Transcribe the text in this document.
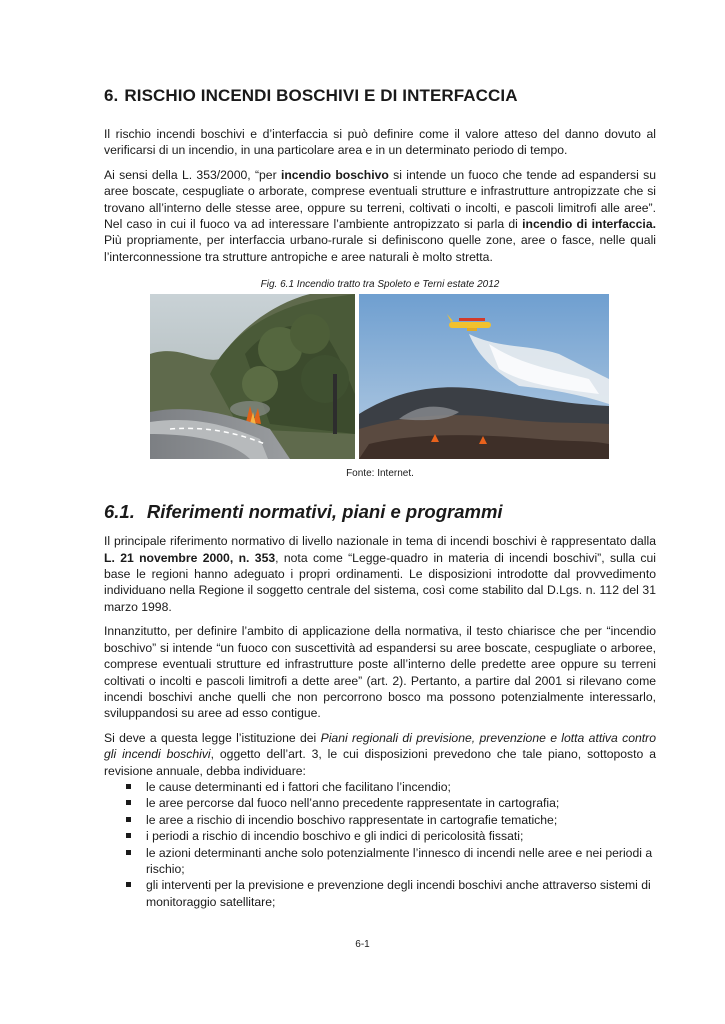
6. RISCHIO INCENDI BOSCHIVI E DI INTERFACCIA

Il rischio incendi boschivi e d’interfaccia si può definire come il valore atteso del danno dovuto al verificarsi di un incendio, in una particolare area e in un determinato periodo di tempo.

Ai sensi della L. 353/2000, “per incendio boschivo si intende un fuoco che tende ad espandersi su aree boscate, cespugliate o arborate, comprese eventuali strutture e infrastrutture antropizzate che si trovano all’interno delle stesse aree, oppure su terreni, coltivati o incolti, e pascoli limitrofi alle aree”. Nel caso in cui il fuoco va ad interessare l’ambiente antropizzato si parla di incendio di interfaccia. Più propriamente, per interfaccia urbano-rurale si definiscono quelle zone, aree o fasce, nelle quali l’interconnessione tra strutture antropiche e aree naturali è molto stretta.

Fig. 6.1 Incendio tratto tra Spoleto e Terni estate 2012
Fonte: Internet.
6.1. Riferimenti normativi, piani e programmi

Il principale riferimento normativo di livello nazionale in tema di incendi boschivi è rappresentato dalla L. 21 novembre 2000, n. 353, nota come “Legge-quadro in materia di incendi boschivi”, sulla cui base le regioni hanno adeguato i propri ordinamenti. Le disposizioni introdotte dal provvedimento individuano nella Regione il soggetto centrale del sistema, così come stabilito dal D.Lgs. n. 112 del 31 marzo 1998.

Innanzitutto, per definire l’ambito di applicazione della normativa, il testo chiarisce che per “incendio boschivo” si intende “un fuoco con suscettività ad espandersi su aree boscate, cespugliate o arboree, comprese eventuali strutture ed infrastrutture poste all’interno delle predette aree oppure su terreni coltivati o incolti e pascoli limitrofi a dette aree” (art. 2). Pertanto, a partire dal 2001 si rilevano come incendi boschivi anche quelli che non percorrono bosco ma possono potenzialmente interessarlo, sviluppandosi su aree ad esso contigue.

Si deve a questa legge l’istituzione dei Piani regionali di previsione, prevenzione e lotta attiva contro gli incendi boschivi, oggetto dell’art. 3, le cui disposizioni prevedono che tale piano, sottoposto a revisione annuale, debba individuare:

le cause determinanti ed i fattori che facilitano l’incendio;
le aree percorse dal fuoco nell’anno precedente rappresentate in cartografia;
le aree a rischio di incendio boschivo rappresentate in cartografie tematiche;
i periodi a rischio di incendio boschivo e gli indici di pericolosità fissati;
le azioni determinanti anche solo potenzialmente l’innesco di incendi nelle aree e nei periodi a rischio;
gli interventi per la previsione e prevenzione degli incendi boschivi anche attraverso sistemi di monitoraggio satellitare;
6-1
